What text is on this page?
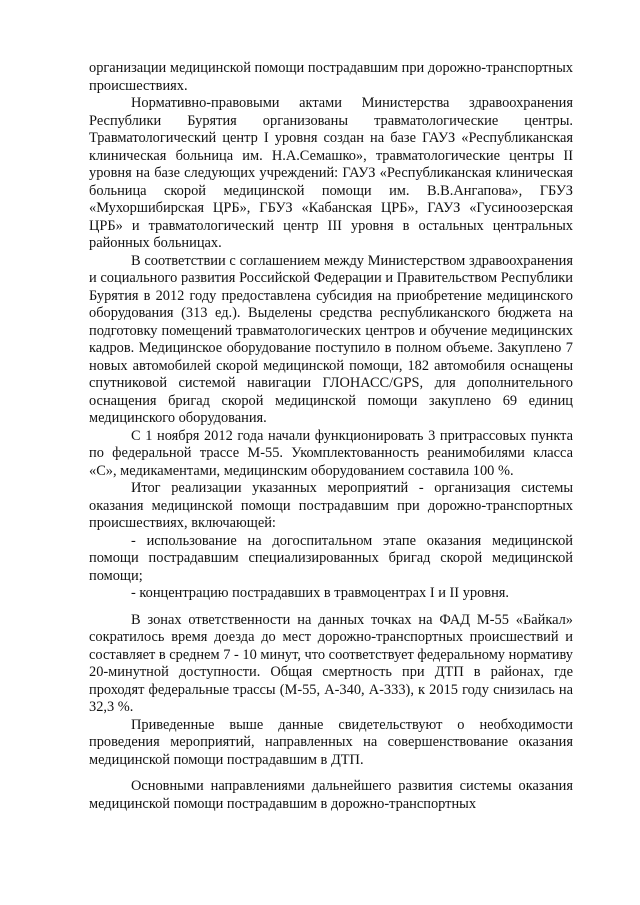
организации медицинской помощи пострадавшим при дорожно-транспортных происшествиях.

Нормативно-правовыми актами Министерства здравоохранения Республики Бурятия организованы травматологические центры. Травматологический центр I уровня создан на базе ГАУЗ «Республиканская клиническая больница им. Н.А.Семашко», травматологические центры II уровня на базе следующих учреждений: ГАУЗ «Республиканская клиническая больница скорой медицинской помощи им. В.В.Ангапова», ГБУЗ «Мухоршибирская ЦРБ», ГБУЗ «Кабанская ЦРБ», ГАУЗ «Гусиноозерская ЦРБ» и травматологический центр III уровня в остальных центральных районных больницах.

В соответствии с соглашением между Министерством здравоохранения и социального развития Российской Федерации и Правительством Республики Бурятия в 2012 году предоставлена субсидия на приобретение медицинского оборудования (313 ед.). Выделены средства республиканского бюджета на подготовку помещений травматологических центров и обучение медицинских кадров. Медицинское оборудование поступило в полном объеме. Закуплено 7 новых автомобилей скорой медицинской помощи, 182 автомобиля оснащены спутниковой системой навигации ГЛОНАСС/GPS, для дополнительного оснащения бригад скорой медицинской помощи закуплено 69 единиц медицинского оборудования.

С 1 ноября 2012 года начали функционировать 3 притрассовых пункта по федеральной трассе М-55. Укомплектованность реанимобилями класса «С», медикаментами, медицинским оборудованием составила 100 %.

Итог реализации указанных мероприятий - организация системы оказания медицинской помощи пострадавшим при дорожно-транспортных происшествиях, включающей:

- использование на догоспитальном этапе оказания медицинской помощи пострадавшим специализированных бригад скорой медицинской помощи;

- концентрацию пострадавших в травмоцентрах I и II уровня.

В зонах ответственности на данных точках на ФАД М-55 «Байкал» сократилось время доезда до мест дорожно-транспортных происшествий и составляет в среднем 7 - 10 минут, что соответствует федеральному нормативу 20-минутной доступности. Общая смертность при ДТП в районах, где проходят федеральные трассы (М-55, А-340, А-333), к 2015 году снизилась на 32,3 %.

Приведенные выше данные свидетельствуют о необходимости проведения мероприятий, направленных на совершенствование оказания медицинской помощи пострадавшим в ДТП.

Основными направлениями дальнейшего развития системы оказания медицинской помощи пострадавшим в дорожно-транспортных
